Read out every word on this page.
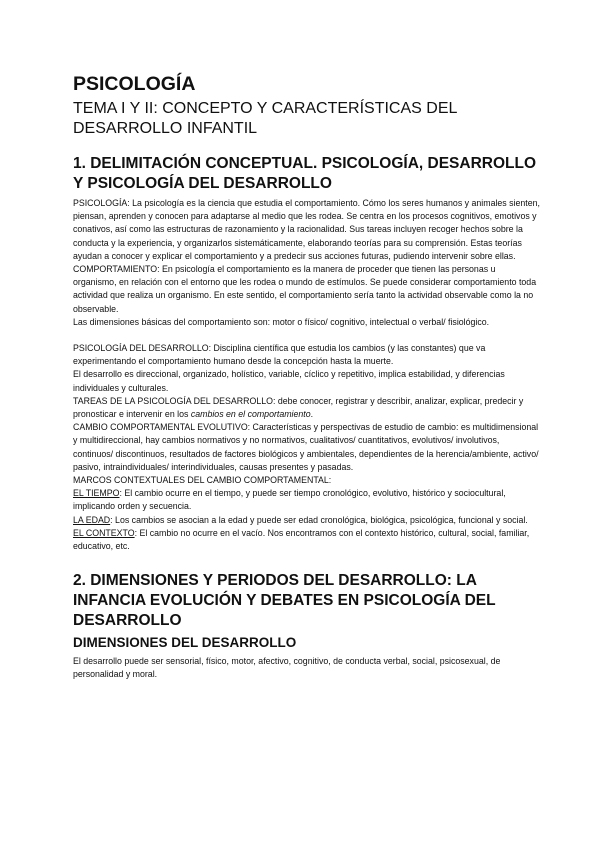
PSICOLOGÍA
TEMA I Y II: CONCEPTO Y CARACTERÍSTICAS DEL DESARROLLO INFANTIL
1. DELIMITACIÓN CONCEPTUAL. PSICOLOGÍA, DESARROLLO Y PSICOLOGÍA DEL DESARROLLO

PSICOLOGÍA: La psicología es la ciencia que estudia el comportamiento. Cómo los seres humanos y animales sienten, piensan, aprenden y conocen para adaptarse al medio que les rodea. Se centra en los procesos cognitivos, emotivos y conativos, así como las estructuras de razonamiento y la racionalidad. Sus tareas incluyen recoger hechos sobre la conducta y la experiencia, y organizarlos sistemáticamente, elaborando teorías para su comprensión. Estas teorías ayudan a conocer y explicar el comportamiento y a predecir sus acciones futuras, pudiendo intervenir sobre ellas.

COMPORTAMIENTO: En psicología el comportamiento es la manera de proceder que tienen las personas u organismo, en relación con el entorno que les rodea o mundo de estímulos. Se puede considerar comportamiento toda actividad que realiza un organismo. En este sentido, el comportamiento sería tanto la actividad observable como la no observable.

Las dimensiones básicas del comportamiento son: motor o físico/ cognitivo, intelectual o verbal/ fisiológico.

PSICOLOGÍA DEL DESARROLLO: Disciplina científica que estudia los cambios (y las constantes) que va experimentando el comportamiento humano desde la concepción hasta la muerte.

El desarrollo es direccional, organizado, holístico, variable, cíclico y repetitivo, implica estabilidad, y diferencias individuales y culturales.

TAREAS DE LA PSICOLOGÍA DEL DESARROLLO: debe conocer, registrar y describir, analizar, explicar, predecir y pronosticar e intervenir en los cambios en el comportamiento.

CAMBIO COMPORTAMENTAL EVOLUTIVO: Características y perspectivas de estudio de cambio: es multidimensional y multidireccional, hay cambios normativos y no normativos, cualitativos/ cuantitativos, evolutivos/ involutivos, continuos/ discontinuos, resultados de factores biológicos y ambientales, dependientes de la herencia/ambiente, activo/ pasivo, intraindividuales/ interindividuales, causas presentes y pasadas.

MARCOS CONTEXTUALES DEL CAMBIO COMPORTAMENTAL:

EL TIEMPO: El cambio ocurre en el tiempo, y puede ser tiempo cronológico, evolutivo, histórico y sociocultural, implicando orden y secuencia.

LA EDAD: Los cambios se asocian a la edad y puede ser edad cronológica, biológica, psicológica, funcional y social.

EL CONTEXTO: El cambio no ocurre en el vacío. Nos encontramos con el contexto histórico, cultural, social, familiar, educativo, etc.

2. DIMENSIONES Y PERIODOS DEL DESARROLLO: LA INFANCIA EVOLUCIÓN Y DEBATES EN PSICOLOGÍA DEL DESARROLLO
DIMENSIONES DEL DESARROLLO

El desarrollo puede ser sensorial, físico, motor, afectivo, cognitivo, de conducta verbal, social, psicosexual, de personalidad y moral.
